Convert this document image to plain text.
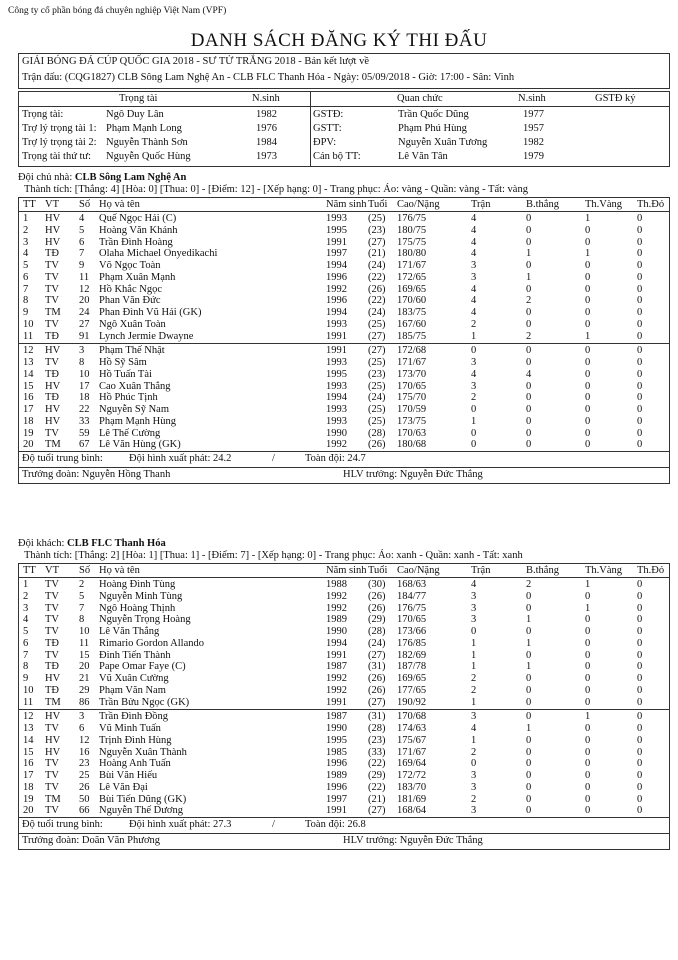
Công ty cổ phần bóng đá chuyên nghiệp Việt Nam (VPF)
DANH SÁCH ĐĂNG KÝ THI ĐẤU
GIẢI BÓNG ĐÁ CÚP QUỐC GIA 2018 - SƯ TỬ TRẮNG 2018 - Bán kết lượt về
Trận đấu: (CQG1827) CLB Sông Lam Nghệ An - CLB FLC Thanh Hóa - Ngày: 05/09/2018 - Giờ: 17:00 - Sân: Vinh
Trọng tài	N.sinh	Quan chức	N.sinh	GSTĐ ký
Trọng tài:	Ngô Duy Lân	1982	GSTĐ:	Trần Quốc Dũng	1977
Trợ lý trọng tài 1: Phạm Mạnh Long	1976	GSTT:	Phạm Phú Hùng	1957
Trợ lý trọng tài 2: Nguyễn Thành Sơn	1984	ĐPV:	Nguyễn Xuân Tương	1982
Trọng tài thứ tư: Nguyễn Quốc Hùng	1973	Cán bộ TT:	Lê Văn Tân	1979
Đội chủ nhà: CLB Sông Lam Nghệ An
Thành tích: [Thắng: 4] [Hòa: 0] [Thua: 0] - [Điểm: 12] - [Xếp hạng: 0] - Trang phục: Áo: vàng - Quần: vàng - Tất: vàng
TT VT Số Họ và tên	Năm sinh Tuổi Cao/Nặng	Trận	B.thắng Th.Vàng Th.Đỏ
1 HV 4 Quế Ngọc Hải (C)	1993 (25) 176/75	4	0	1	0
2 HV 5 Hoàng Văn Khánh	1995 (23) 180/75	4	0	0	0
3 HV 6 Trần Đình Hoàng	1991 (27) 175/75	4	0	0	0
4 TĐ 7 Olaha Michael Onyedikachi	1997 (21) 180/80	4	1	1	0
5 TV 9 Võ Ngọc Toàn	1994 (24) 171/67	3	0	0	0
6 TV 11 Phạm Xuân Mạnh	1996 (22) 172/65	3	1	0	0
7 TV 12 Hồ Khắc Ngọc	1992 (26) 169/65	4	0	0	0
8 TV 20 Phan Văn Đức	1996 (22) 170/60	4	2	0	0
9 TM 24 Phan Đình Vũ Hải (GK)	1994 (24) 183/75	4	0	0	0
10 TV 27 Ngô Xuân Toàn	1993 (25) 167/60	2	0	0	0
11 TĐ 91 Lynch Jermie Dwayne	1991 (27) 185/75	1	2	1	0
12 HV 3 Phạm Thế Nhật	1991 (27) 172/68	0	0	0	0
13 TV 8 Hồ Sỹ Sâm	1993 (25) 171/67	3	0	0	0
14 TĐ 10 Hồ Tuấn Tài	1995 (23) 173/70	4	4	0	0
15 HV 17 Cao Xuân Thắng	1993 (25) 170/65	3	0	0	0
16 TĐ 18 Hồ Phúc Tịnh	1994 (24) 175/70	2	0	0	0
17 HV 22 Nguyễn Sỹ Nam	1993 (25) 170/59	0	0	0	0
18 HV 33 Phạm Mạnh Hùng	1993 (25) 173/75	1	0	0	0
19 TV 59 Lê Thế Cường	1990 (28) 170/63	0	0	0	0
20 TM 67 Lê Văn Hùng (GK)	1992 (26) 180/68	0	0	0	0
Độ tuổi trung bình: Đội hình xuất phát: 24.2	/	Toàn đội: 24.7
Trưởng đoàn: Nguyễn Hồng Thanh	HLV trưởng: Nguyễn Đức Thắng
Đội khách: CLB FLC Thanh Hóa
Thành tích: [Thắng: 2] [Hòa: 1] [Thua: 1] - [Điểm: 7] - [Xếp hạng: 0] - Trang phục: Áo: xanh - Quần: xanh - Tất: xanh
TT VT Số Họ và tên	Năm sinh Tuổi Cao/Nặng	Trận	B.thắng Th.Vàng Th.Đỏ
1 TV 2 Hoàng Đình Tùng	1988 (30) 168/63	4	2	1	0
2 TV 5 Nguyễn Minh Tùng	1992 (26) 184/77	3	0	0	0
3 TV 7 Ngô Hoàng Thịnh	1992 (26) 176/75	3	0	1	0
4 TV 8 Nguyễn Trọng Hoàng	1989 (29) 170/65	3	1	0	0
5 TV 10 Lê Văn Thắng	1990 (28) 173/66	0	0	0	0
6 TĐ 11 Rimario Gordon Allando	1994 (24) 176/85	1	1	0	0
7 TV 15 Đinh Tiến Thành	1991 (27) 182/69	1	0	0	0
8 TĐ 20 Pape Omar Faye (C)	1987 (31) 187/78	1	1	0	0
9 HV 21 Vũ Xuân Cường	1992 (26) 169/65	2	0	0	0
10 TĐ 29 Phạm Văn Nam	1992 (26) 177/65	2	0	0	0
11 TM 86 Trần Bửu Ngọc (GK)	1991 (27) 190/92	1	0	0	0
12 HV 3 Trần Đình Đồng	1987 (31) 170/68	3	0	1	0
13 TV 6 Vũ Minh Tuấn	1990 (28) 174/63	4	1	0	0
14 HV 12 Trịnh Đình Hùng	1995 (23) 175/67	1	0	0	0
15 HV 16 Nguyễn Xuân Thành	1985 (33) 171/67	2	0	0	0
16 TV 23 Hoàng Anh Tuấn	1996 (22) 169/64	0	0	0	0
17 TV 25 Bùi Văn Hiếu	1989 (29) 172/72	3	0	0	0
18 TV 26 Lê Văn Đại	1996 (22) 183/70	3	0	0	0
19 TM 50 Bùi Tiến Dũng (GK)	1997 (21) 181/69	2	0	0	0
20 TV 66 Nguyễn Thế Dương	1991 (27) 168/64	3	0	0	0
Độ tuổi trung bình: Đội hình xuất phát: 27.3	/	Toàn đội: 26.8
Trưởng đoàn: Doãn Văn Phương	HLV trưởng: Nguyễn Đức Thắng
